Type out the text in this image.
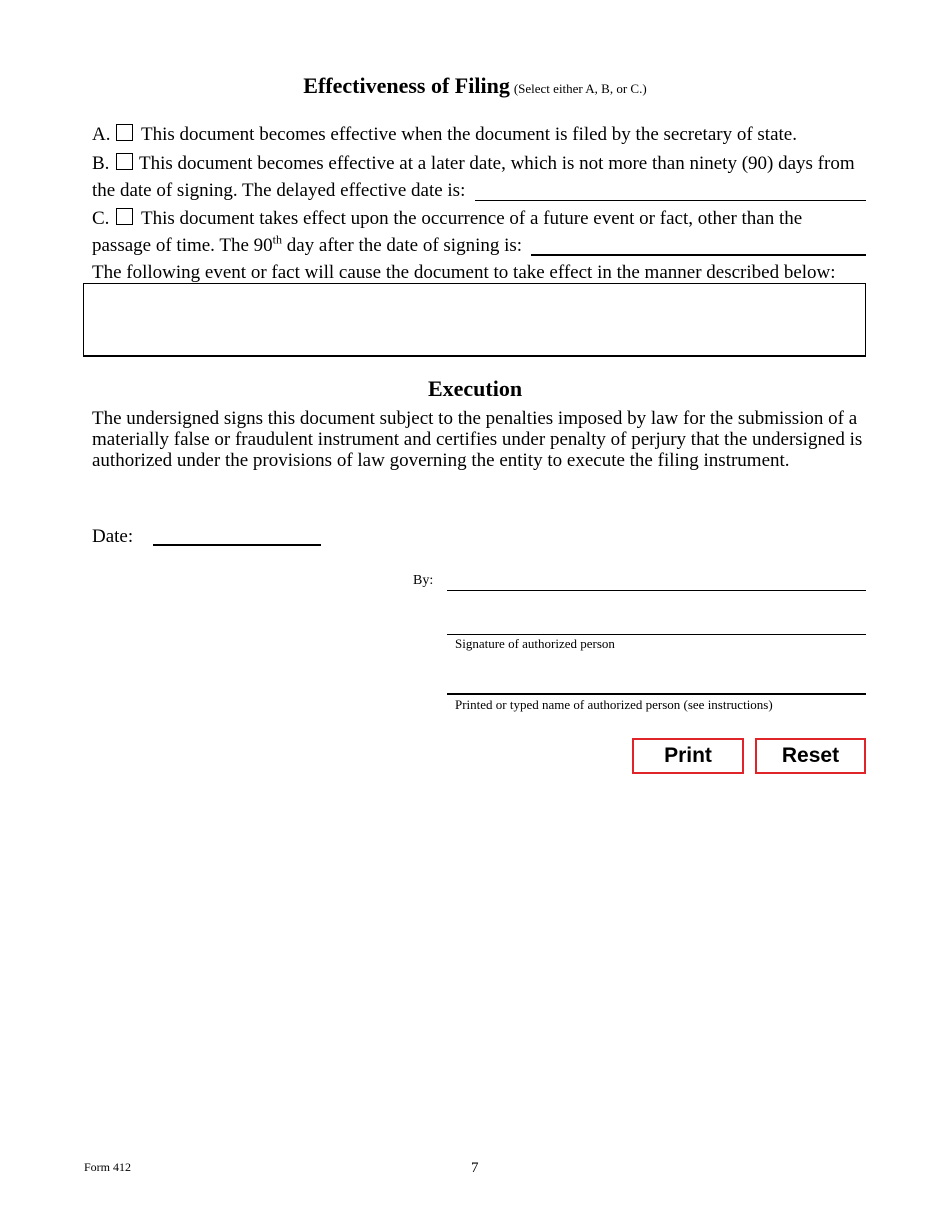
Effectiveness of Filing (Select either A, B, or C.)
A. This document becomes effective when the document is filed by the secretary of state.
B. This document becomes effective at a later date, which is not more than ninety (90) days from
the date of signing. The delayed effective date is:
C. This document takes effect upon the occurrence of a future event or fact, other than the
passage of time. The 90th day after the date of signing is:
The following event or fact will cause the document to take effect in the manner described below:
Execution
The undersigned signs this document subject to the penalties imposed by law for the submission of a
materially false or fraudulent instrument and certifies under penalty of perjury that the undersigned is
authorized under the provisions of law governing the entity to execute the filing instrument.
Date:
By:
Signature of authorized person
Printed or typed name of authorized person (see instructions)
Print	Reset
Form 412	7
